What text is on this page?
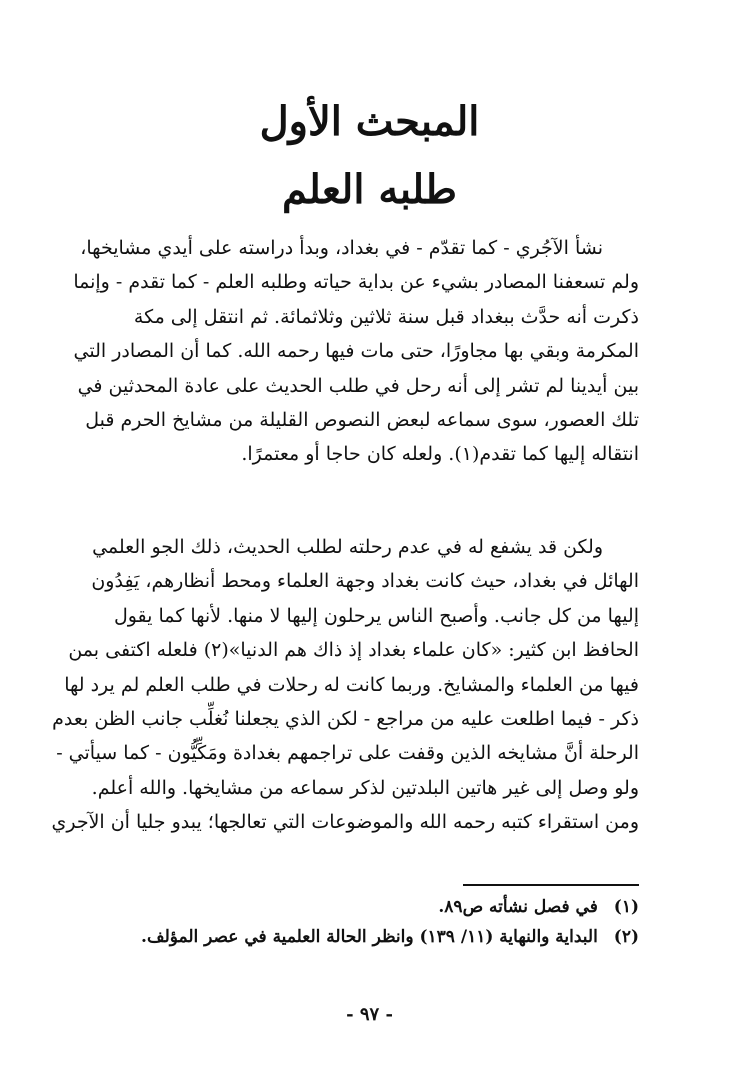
المبحث الأول
طلبه العلم
نشأ الآجُري - كما تقدّم - في بغداد، وبدأ دراسته على أيدي مشايخها،
ولم تسعفنا المصادر بشيء عن بداية حياته وطلبه العلم - كما تقدم - وإنما
ذكرت أنه حدَّث ببغداد قبل سنة ثلاثين وثلاثمائة. ثم انتقل إلى مكة
المكرمة وبقي بها مجاورًا، حتى مات فيها رحمه الله. كما أن المصادر التي
بين أيدينا لم تشر إلى أنه رحل في طلب الحديث على عادة المحدثين في
تلك العصور، سوى سماعه لبعض النصوص القليلة من مشايخ الحرم قبل
انتقاله إليها كما تقدم(١). ولعله كان حاجا أو معتمرًا.
ولكن قد يشفع له في عدم رحلته لطلب الحديث، ذلك الجو العلمي
الهائل في بغداد، حيث كانت بغداد وجهة العلماء ومحط أنظارهم، يَفِدُون
إليها من كل جانب. وأصبح الناس يرحلون إليها لا منها. لأنها كما يقول
الحافظ ابن كثير: «كان علماء بغداد إذ ذاك هم الدنيا»(٢) فلعله اكتفى بمن
فيها من العلماء والمشايخ. وربما كانت له رحلات في طلب العلم لم يرد لها
ذكر - فيما اطلعت عليه من مراجع - لكن الذي يجعلنا نُغلِّب جانب الظن بعدم
الرحلة أنَّ مشايخه الذين وقفت على تراجمهم بغدادة ومَكِّيُّون - كما سيأتي -
ولو وصل إلى غير هاتين البلدتين لذكر سماعه من مشايخها. والله أعلم.
ومن استقراء كتبه رحمه الله والموضوعات التي تعالجها؛ يبدو جليا أن الآجري
(١) في فصل نشأته ص٨٩.
(٢) البداية والنهاية (١١/ ١٣٩) وانظر الحالة العلمية في عصر المؤلف.
- ٩٧ -
